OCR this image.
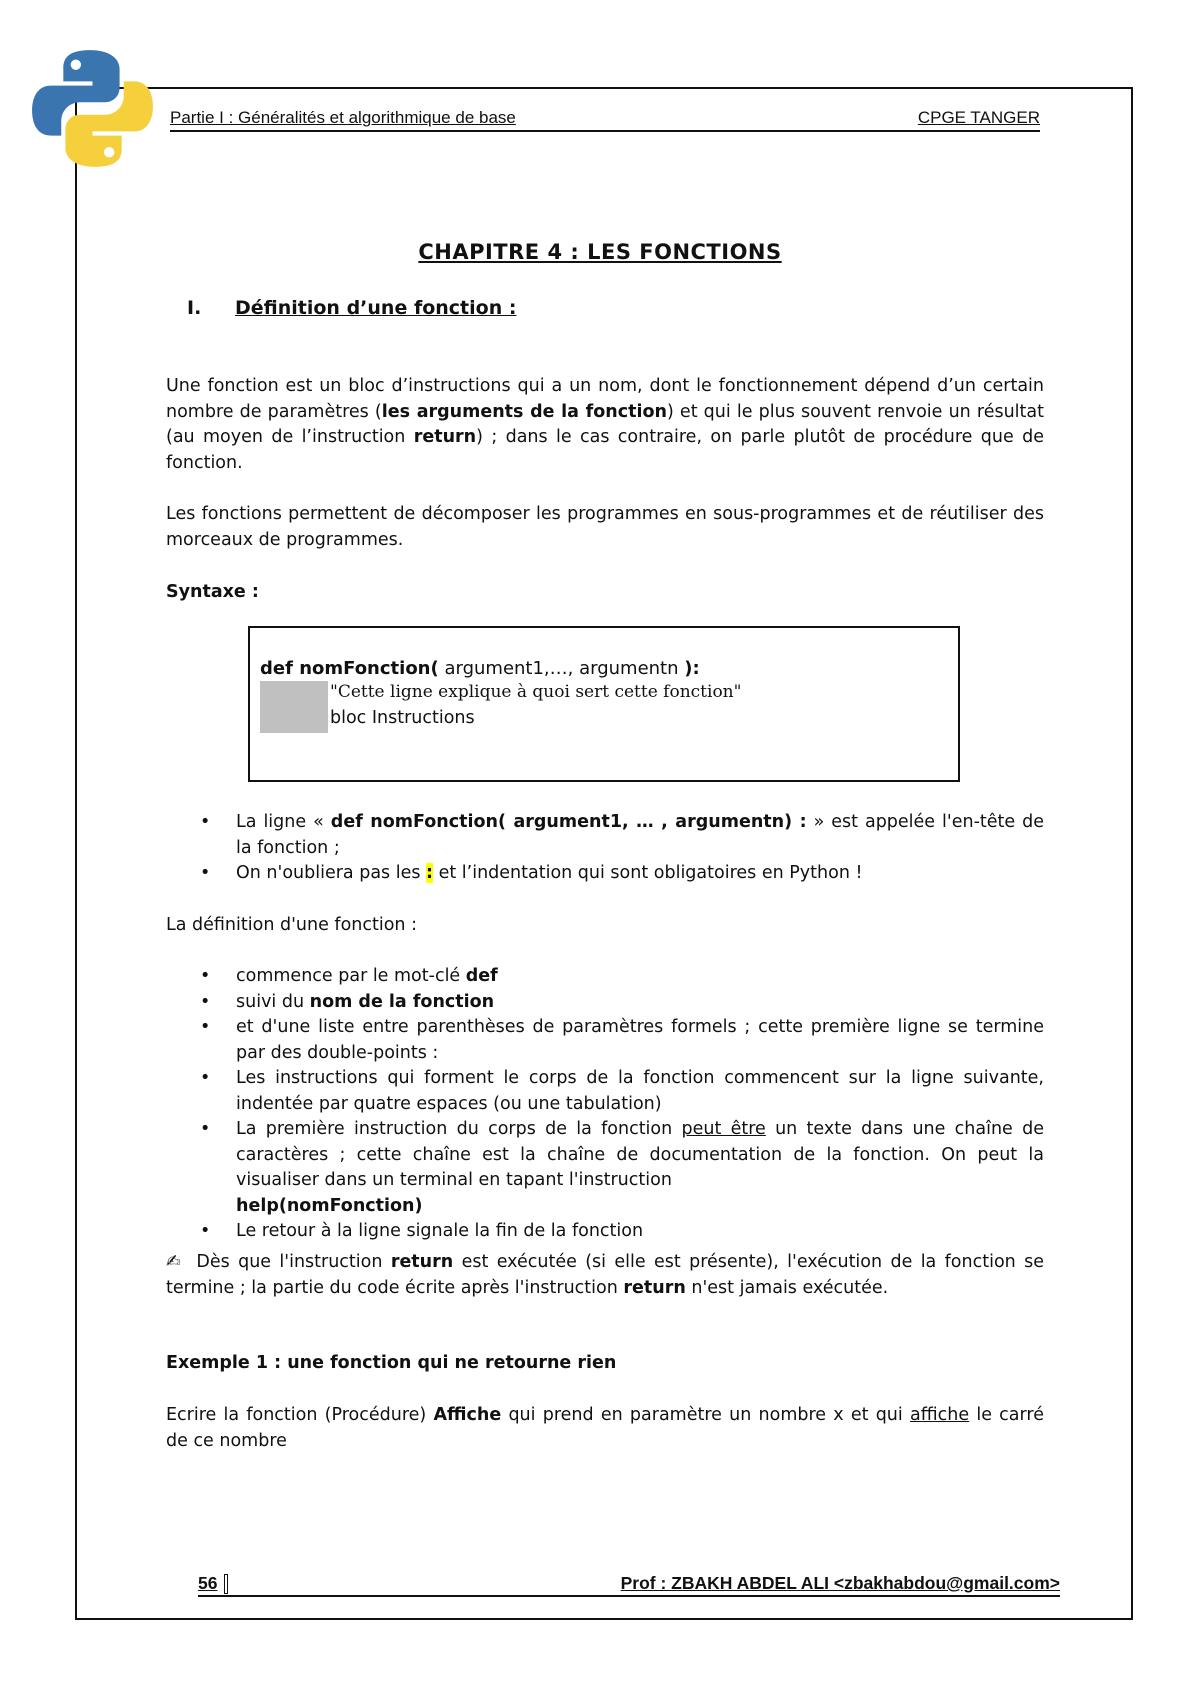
Partie I : Généralités et algorithmique de base	CPGE TANGER
CHAPITRE 4 : LES FONCTIONS
I. Définition d’une fonction :
Une fonction est un bloc d’instructions qui a un nom, dont le fonctionnement dépend d’un certain nombre de paramètres (les arguments de la fonction) et qui le plus souvent renvoie un résultat (au moyen de l’instruction return) ; dans le cas contraire, on parle plutôt de procédure que de fonction.
Les fonctions permettent de décomposer les programmes en sous-programmes et de réutiliser des morceaux de programmes.
Syntaxe :
def nomFonction( argument1,…, argumentn ):
"Cette ligne explique à quoi sert cette fonction"
bloc Instructions
• La ligne « def nomFonction( argument1, … , argumentn) : » est appelée l'en-tête de la fonction ;
• On n'oubliera pas les : et l’indentation qui sont obligatoires en Python !
La définition d'une fonction :
• commence par le mot-clé def
• suivi du nom de la fonction
• et d'une liste entre parenthèses de paramètres formels ; cette première ligne se termine par des double-points :
• Les instructions qui forment le corps de la fonction commencent sur la ligne suivante, indentée par quatre espaces (ou une tabulation)
• La première instruction du corps de la fonction peut être un texte dans une chaîne de caractères ; cette chaîne est la chaîne de documentation de la fonction. On peut la visualiser dans un terminal en tapant l'instruction
help(nomFonction)
• Le retour à la ligne signale la fin de la fonction
✍ Dès que l'instruction return est exécutée (si elle est présente), l'exécution de la fonction se termine ; la partie du code écrite après l'instruction return n'est jamais exécutée.
Exemple 1 : une fonction qui ne retourne rien
Ecrire la fonction (Procédure) Affiche qui prend en paramètre un nombre x et qui affiche le carré de ce nombre
56	Prof : ZBAKH ABDEL ALI <zbakhabdou@gmail.com>
